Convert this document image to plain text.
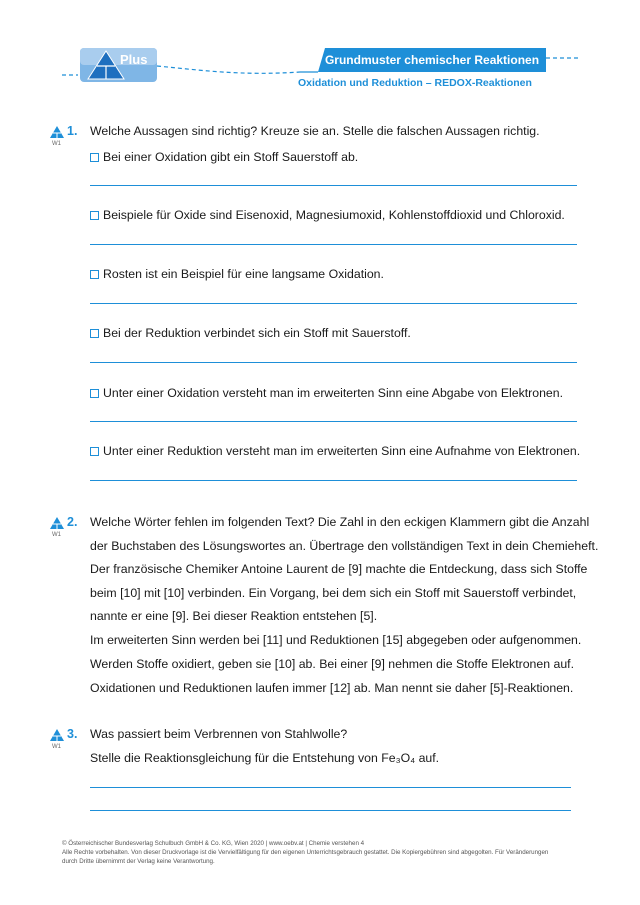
Plus	Grundmuster chemischer Reaktionen
Oxidation und Reduktion – REDOX-Reaktionen
1.
W1
Welche Aussagen sind richtig? Kreuze sie an. Stelle die falschen Aussagen richtig.
Bei einer Oxidation gibt ein Stoff Sauerstoff ab.
Beispiele für Oxide sind Eisenoxid, Magnesiumoxid, Kohlenstoffdioxid und Chloroxid.
Rosten ist ein Beispiel für eine langsame Oxidation.
Bei der Reduktion verbindet sich ein Stoff mit Sauerstoff.
Unter einer Oxidation versteht man im erweiterten Sinn eine Abgabe von Elektronen.
Unter einer Reduktion versteht man im erweiterten Sinn eine Aufnahme von Elektronen.
2.
W1
Welche Wörter fehlen im folgenden Text? Die Zahl in den eckigen Klammern gibt die Anzahl
der Buchstaben des Lösungswortes an. Übertrage den vollständigen Text in dein Chemieheft.
Der französische Chemiker Antoine Laurent de [9] machte die Entdeckung, dass sich Stoffe
beim [10] mit [10] verbinden. Ein Vorgang, bei dem sich ein Stoff mit Sauerstoff verbindet,
nannte er eine [9]. Bei dieser Reaktion entstehen [5].
Im erweiterten Sinn werden bei [11] und Reduktionen [15] abgegeben oder aufgenommen.
Werden Stoffe oxidiert, geben sie [10] ab. Bei einer [9] nehmen die Stoffe Elektronen auf.
Oxidationen und Reduktionen laufen immer [12] ab. Man nennt sie daher [5]-Reaktionen.
3.
W1
Was passiert beim Verbrennen von Stahlwolle?
Stelle die Reaktionsgleichung für die Entstehung von Fe₃O₄ auf.
© Österreichischer Bundesverlag Schulbuch GmbH & Co. KG, Wien 2020 | www.oebv.at | Chemie verstehen 4
Alle Rechte vorbehalten. Von dieser Druckvorlage ist die Vervielfältigung für den eigenen Unterrichtsgebrauch gestattet. Die Kopiergebühren sind abgegolten. Für Veränderungen
durch Dritte übernimmt der Verlag keine Verantwortung.
